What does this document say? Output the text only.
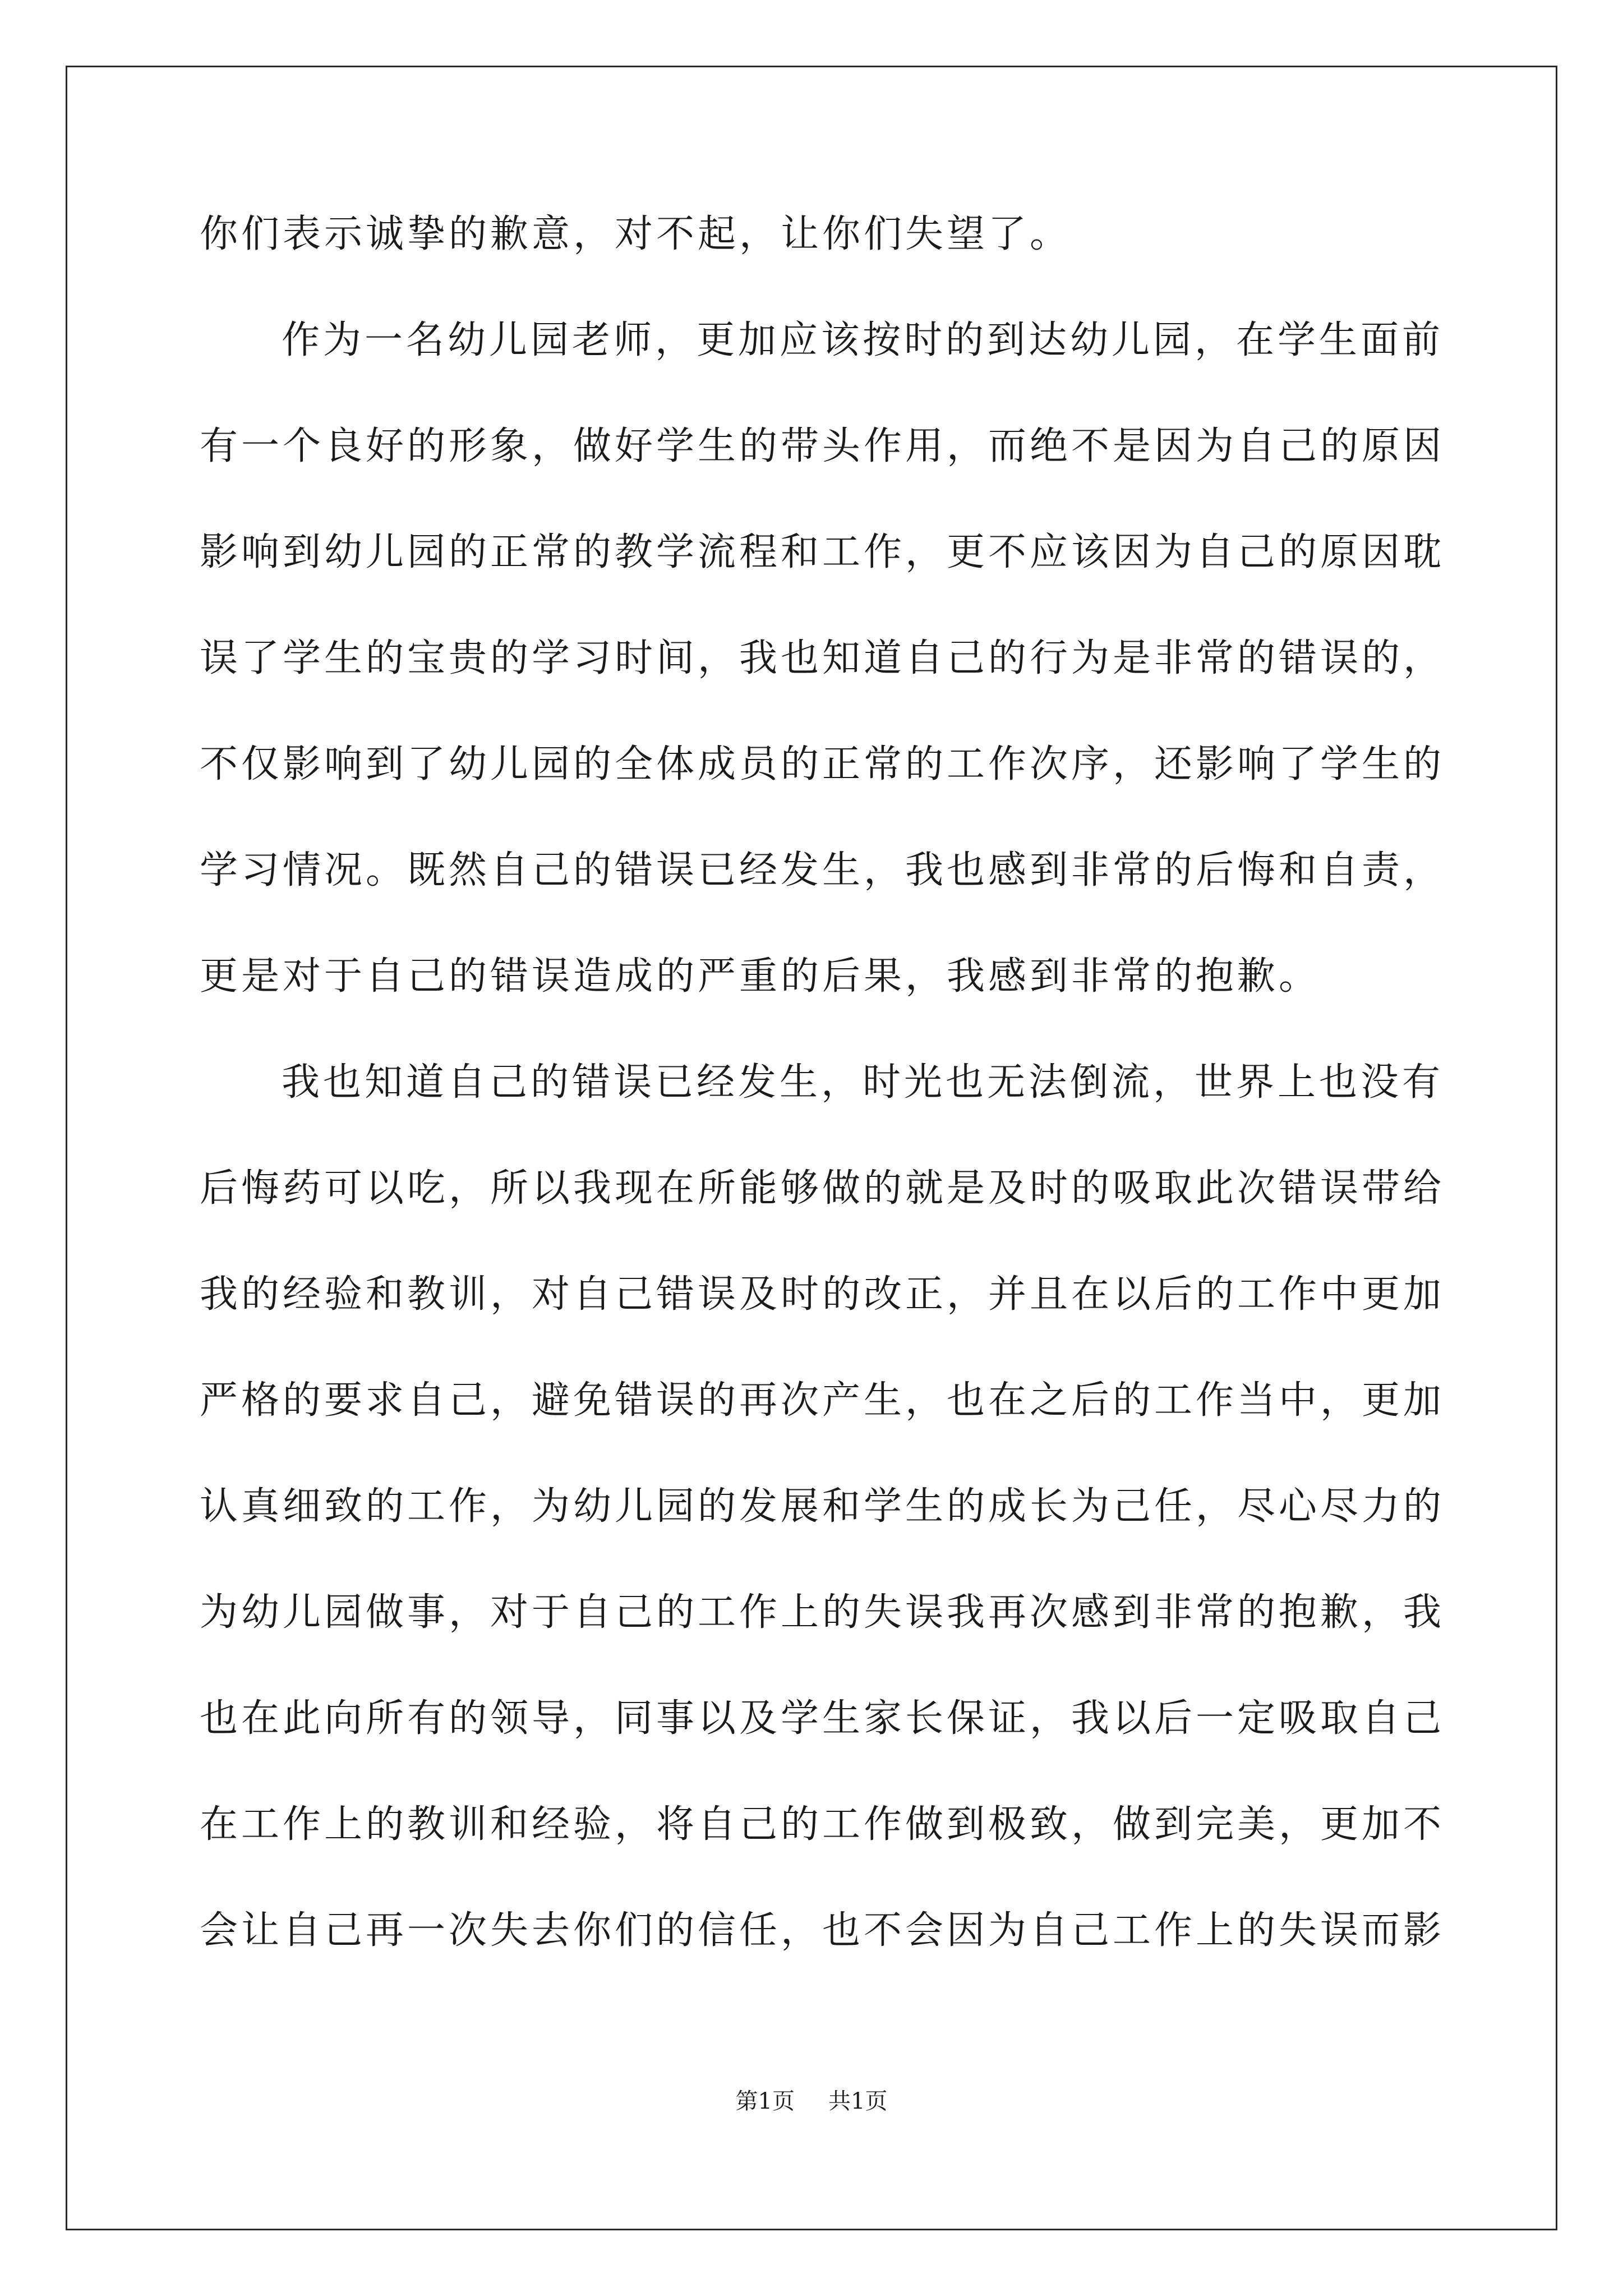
你们表示诚挚的歉意，对不起，让你们失望了。
作为一名幼儿园老师，更加应该按时的到达幼儿园，在学生面前
有一个良好的形象，做好学生的带头作用，而绝不是因为自己的原因
影响到幼儿园的正常的教学流程和工作，更不应该因为自己的原因耽
误了学生的宝贵的学习时间，我也知道自己的行为是非常的错误的，
不仅影响到了幼儿园的全体成员的正常的工作次序，还影响了学生的
学习情况。既然自己的错误已经发生，我也感到非常的后悔和自责，
更是对于自己的错误造成的严重的后果，我感到非常的抱歉。
我也知道自己的错误已经发生，时光也无法倒流，世界上也没有
后悔药可以吃，所以我现在所能够做的就是及时的吸取此次错误带给
我的经验和教训，对自己错误及时的改正，并且在以后的工作中更加
严格的要求自己，避免错误的再次产生，也在之后的工作当中，更加
认真细致的工作，为幼儿园的发展和学生的成长为己任，尽心尽力的
为幼儿园做事，对于自己的工作上的失误我再次感到非常的抱歉，我
也在此向所有的领导，同事以及学生家长保证，我以后一定吸取自己
在工作上的教训和经验，将自己的工作做到极致，做到完美，更加不
会让自己再一次失去你们的信任，也不会因为自己工作上的失误而影
第1页 共1页
